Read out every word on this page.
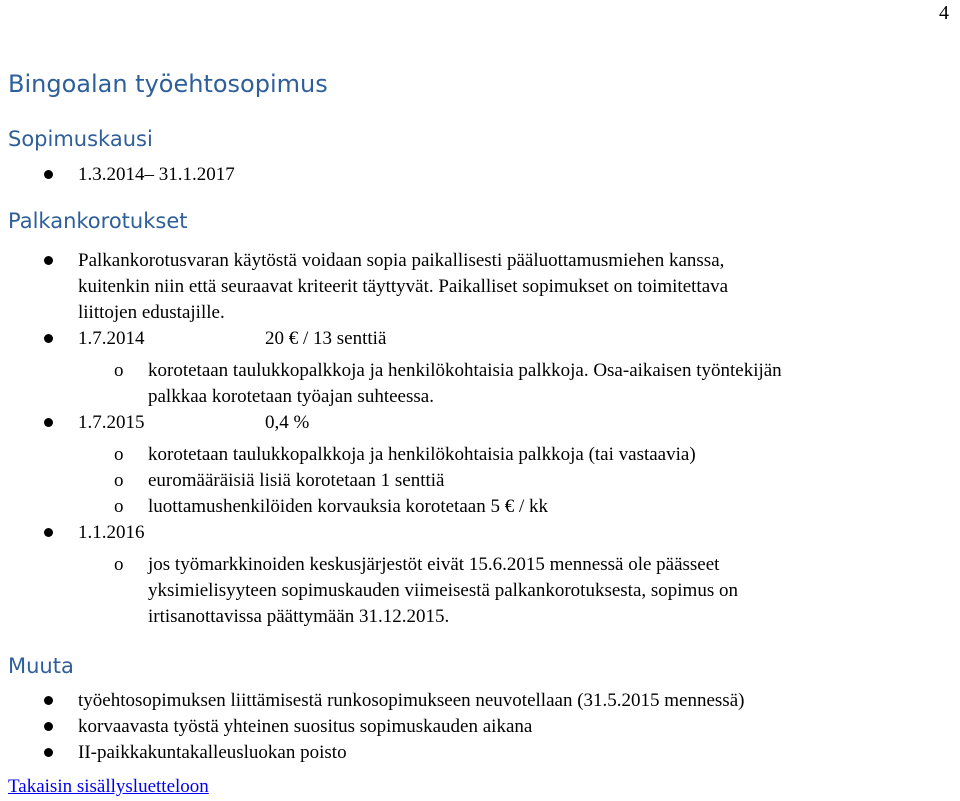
4
Bingoalan työehtosopimus
Sopimuskausi
1.3.2014– 31.1.2017
Palkankorotukset
Palkankorotusvaran käytöstä voidaan sopia paikallisesti pääluottamusmiehen kanssa,
kuitenkin niin että seuraavat kriteerit täyttyvät. Paikalliset sopimukset on toimitettava
liittojen edustajille.
1.7.2014	20 € / 13 senttiä
o korotetaan taulukkopalkkoja ja henkilökohtaisia palkkoja. Osa-aikaisen työntekijän
palkkaa korotetaan työajan suhteessa.
1.7.2015	0,4 %
o korotetaan taulukkopalkkoja ja henkilökohtaisia palkkoja (tai vastaavia)
o euromääräisiä lisiä korotetaan 1 senttiä
o luottamushenkilöiden korvauksia korotetaan 5 € / kk
1.1.2016
o jos työmarkkinoiden keskusjärjestöt eivät 15.6.2015 mennessä ole päässeet
yksimielisyyteen sopimuskauden viimeisestä palkankorotuksesta, sopimus on
irtisanottavissa päättymään 31.12.2015.
Muuta
työehtosopimuksen liittämisestä runkosopimukseen neuvotellaan (31.5.2015 mennessä)
korvaavasta työstä yhteinen suositus sopimuskauden aikana
II-paikkakuntakalleusluokan poisto
Takaisin sisällysluetteloon
